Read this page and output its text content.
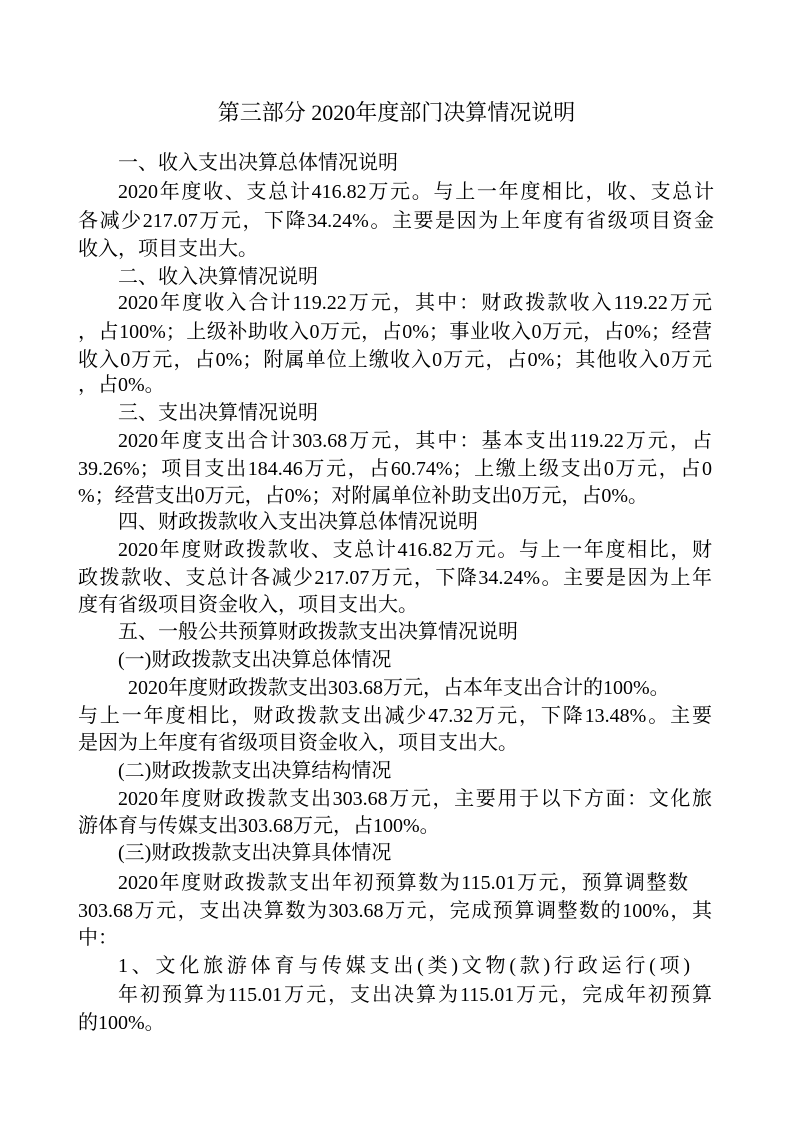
第三部分 2020年度部门决算情况说明
一、收入支出决算总体情况说明
2020年度收、支总计416.82万元。与上一年度相比，收、支总计
各减少217.07万元，下降34.24%。主要是因为上年度有省级项目资金
收入，项目支出大。
二、收入决算情况说明
2020年度收入合计119.22万元，其中：财政拨款收入119.22万元
，占100%；上级补助收入0万元，占0%；事业收入0万元，占0%；经营
收入0万元，占0%；附属单位上缴收入0万元，占0%；其他收入0万元
，占0%。
三、支出决算情况说明
2020年度支出合计303.68万元，其中：基本支出119.22万元，占
39.26%；项目支出184.46万元，占60.74%；上缴上级支出0万元，占0
%；经营支出0万元，占0%；对附属单位补助支出0万元，占0%。
四、财政拨款收入支出决算总体情况说明
2020年度财政拨款收、支总计416.82万元。与上一年度相比，财
政拨款收、支总计各减少217.07万元，下降34.24%。主要是因为上年
度有省级项目资金收入，项目支出大。
五、一般公共预算财政拨款支出决算情况说明
(一)财政拨款支出决算总体情况
2020年度财政拨款支出303.68万元，占本年支出合计的100%。
与上一年度相比，财政拨款支出减少47.32万元，下降13.48%。主要
是因为上年度有省级项目资金收入，项目支出大。
(二)财政拨款支出决算结构情况
2020年度财政拨款支出303.68万元，主要用于以下方面：文化旅
游体育与传媒支出303.68万元，占100%。
(三)财政拨款支出决算具体情况
2020年度财政拨款支出年初预算数为115.01万元，预算调整数
303.68万元，支出决算数为303.68万元，完成预算调整数的100%，其
中：
1、文化旅游体育与传媒支出(类)文物(款)行政运行(项)
年初预算为115.01万元，支出决算为115.01万元，完成年初预算
的100%。
